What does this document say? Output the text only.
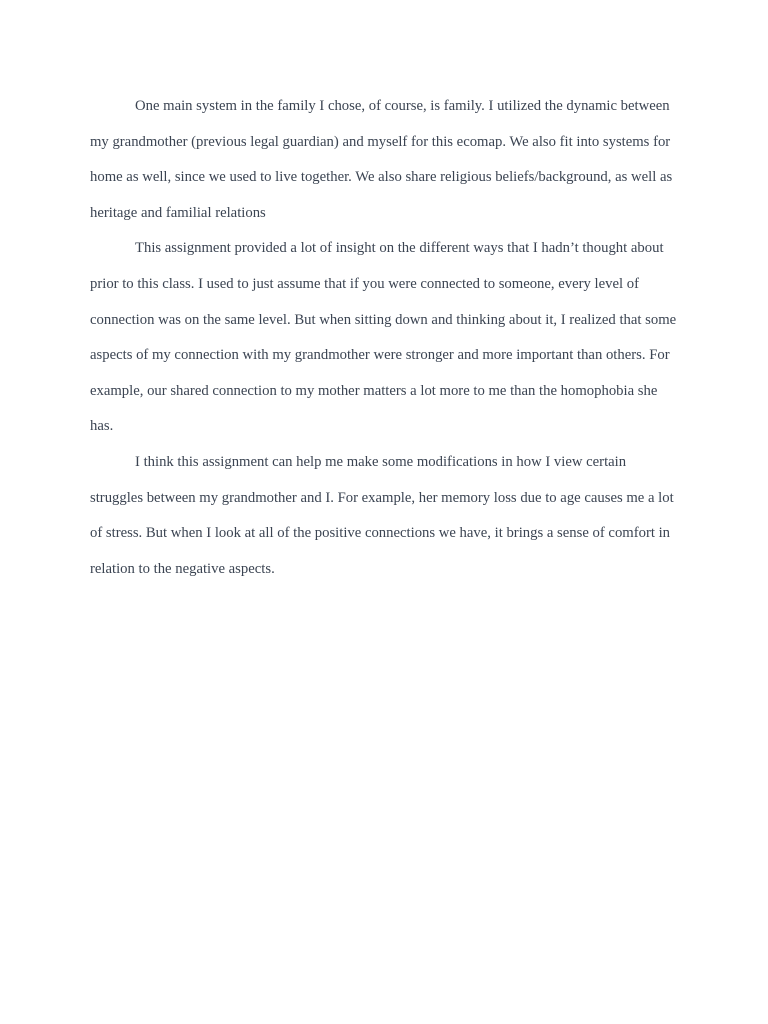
One main system in the family I chose, of course, is family. I utilized the dynamic between my grandmother (previous legal guardian) and myself for this ecomap. We also fit into systems for home as well, since we used to live together. We also share religious beliefs/background, as well as heritage and familial relations

This assignment provided a lot of insight on the different ways that I hadn’t thought about prior to this class. I used to just assume that if you were connected to someone, every level of connection was on the same level. But when sitting down and thinking about it, I realized that some aspects of my connection with my grandmother were stronger and more important than others. For example, our shared connection to my mother matters a lot more to me than the homophobia she has.

I think this assignment can help me make some modifications in how I view certain struggles between my grandmother and I. For example, her memory loss due to age causes me a lot of stress. But when I look at all of the positive connections we have, it brings a sense of comfort in relation to the negative aspects.
